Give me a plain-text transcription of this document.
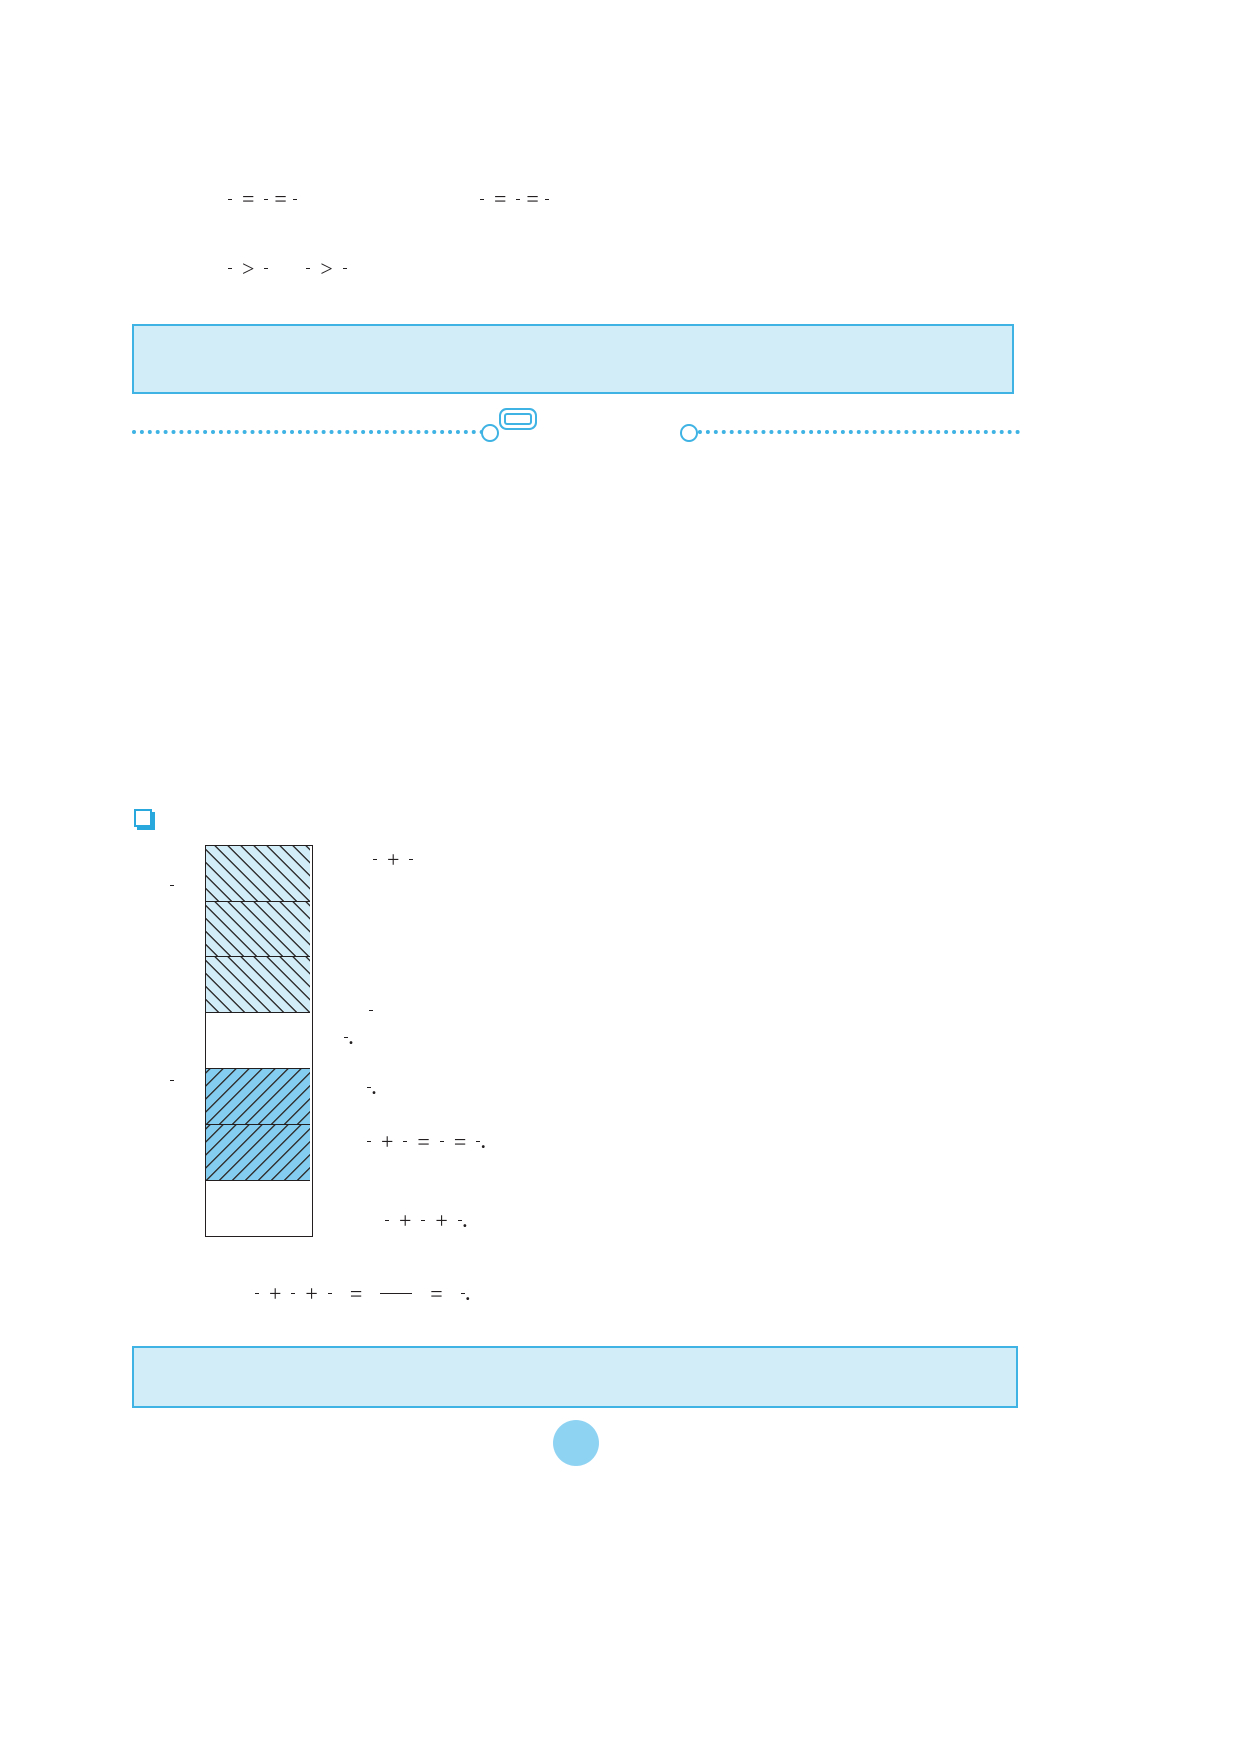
= =	= =
>
	>
+
.
.
+ = = .
+ + .
+ + =	= .
